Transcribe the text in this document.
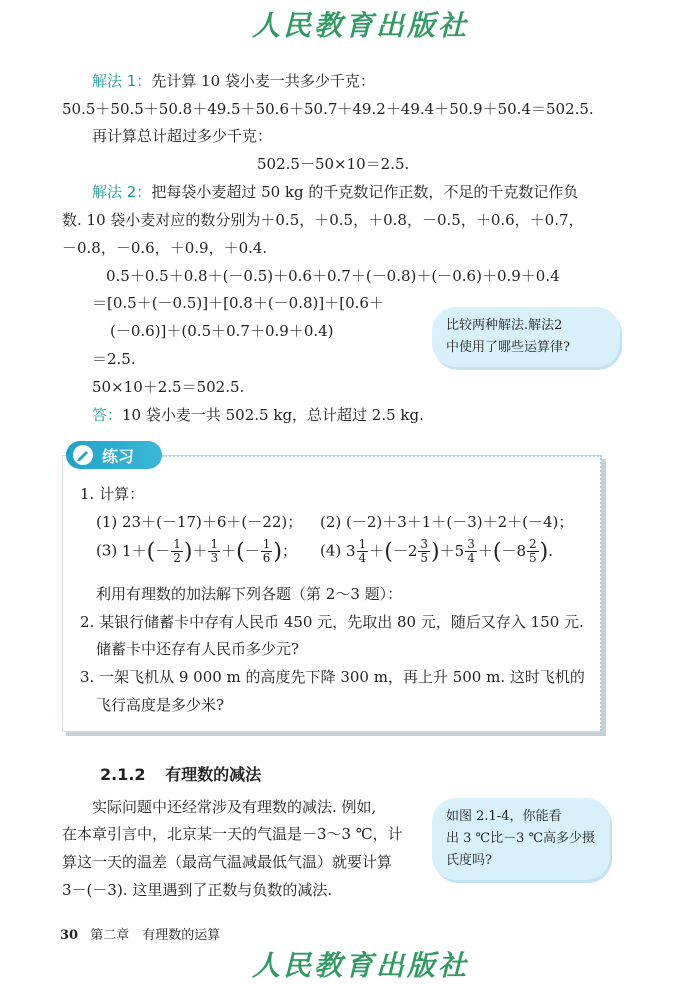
人民教育出版社
解法 1：先计算 10 袋小麦一共多少千克：
50.5＋50.5＋50.8＋49.5＋50.6＋50.7＋49.2＋49.4＋50.9＋50.4＝502.5.
再计算总计超过多少千克：
502.5－50×10＝2.5.
解法 2：把每袋小麦超过 50 kg 的千克数记作正数，不足的千克数记作负
数. 10 袋小麦对应的数分别为＋0.5，＋0.5，＋0.8，－0.5，＋0.6，＋0.7，
－0.8，－0.6，＋0.9，＋0.4.
0.5＋0.5＋0.8＋(－0.5)＋0.6＋0.7＋(－0.8)＋(－0.6)＋0.9＋0.4
＝[0.5＋(－0.5)]＋[0.8＋(－0.8)]＋[0.6＋
(－0.6)]＋(0.5＋0.7＋0.9＋0.4)
＝2.5.
50×10＋2.5＝502.5.
答：10 袋小麦一共 502.5 kg，总计超过 2.5 kg.
比较两种解法.解法2
中使用了哪些运算律?
练习
1. 计算：
(1) 23＋(－17)＋6＋(－22)； (2) (－2)＋3＋1＋(－3)＋2＋(－4)；
(3) $1+(- \frac{1}{2}$ )＋ $\frac{1}{3}$ ＋(－ $\frac{1}{6}$ )； (4) $3 \frac{1}{4} +(-2 \frac{3}{5} )+5 \frac{3}{4} +(-8 \frac{2}{5}$ ).
利用有理数的加法解下列各题（第 2～3 题）：
2. 某银行储蓄卡中存有人民币 450 元，先取出 80 元，随后又存入 150 元.
储蓄卡中还存有人民币多少元?
3. 一架飞机从 9 000 m 的高度先下降 300 m，再上升 500 m. 这时飞机的
飞行高度是多少米?
2.1.2 有理数的减法
实际问题中还经常涉及有理数的减法. 例如,
在本章引言中，北京某一天的气温是－3～3 ℃，计
算这一天的温差（最高气温减最低气温）就要计算
3－(－3). 这里遇到了正数与负数的减法.
如图 2.1-4，你能看
出 3 ℃比－3 ℃高多少摄
氏度吗?
30 第二章　有理数的运算
人民教育出版社
